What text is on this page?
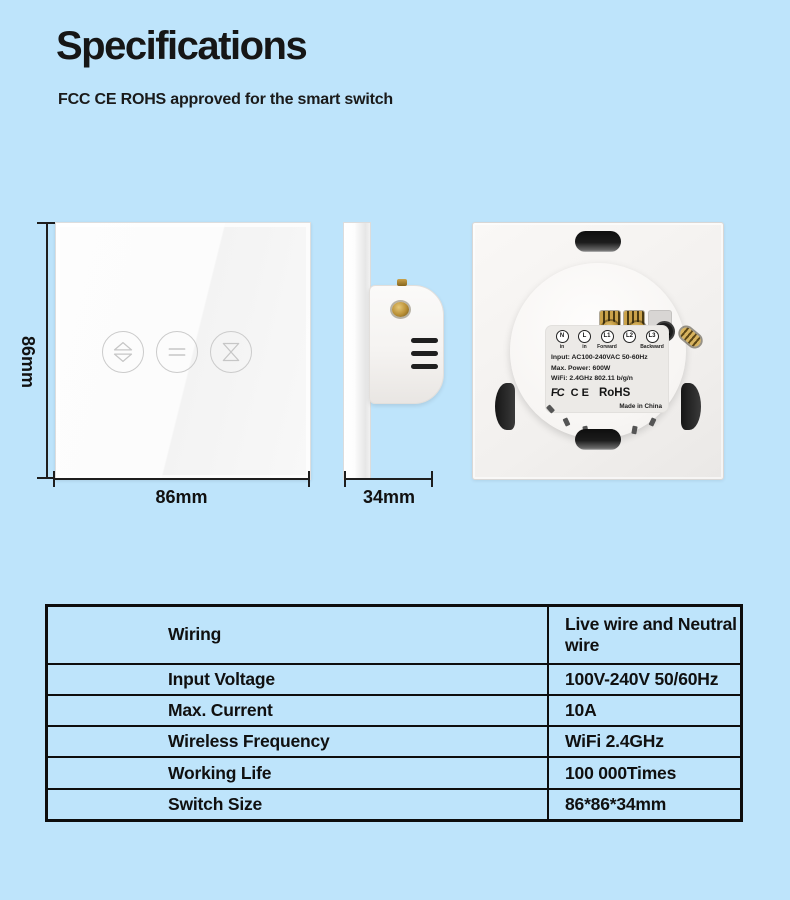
Specifications
FCC CE ROHS approved for the smart switch
86mm
86mm	34mm
N
in
L
in
L1
Forward
L2	L3
Backward
Input: AC100-240VAC 50-60Hz
Max. Power: 600W
WiFi: 2.4GHz 802.11 b/g/n
FC CE RoHS
Made in China
Wiring	Live wire and Neutral wire
Input Voltage	100V-240V 50/60Hz
Max. Current	10A
Wireless Frequency	WiFi 2.4GHz
Working Life	100 000Times
Switch Size	86*86*34mm
